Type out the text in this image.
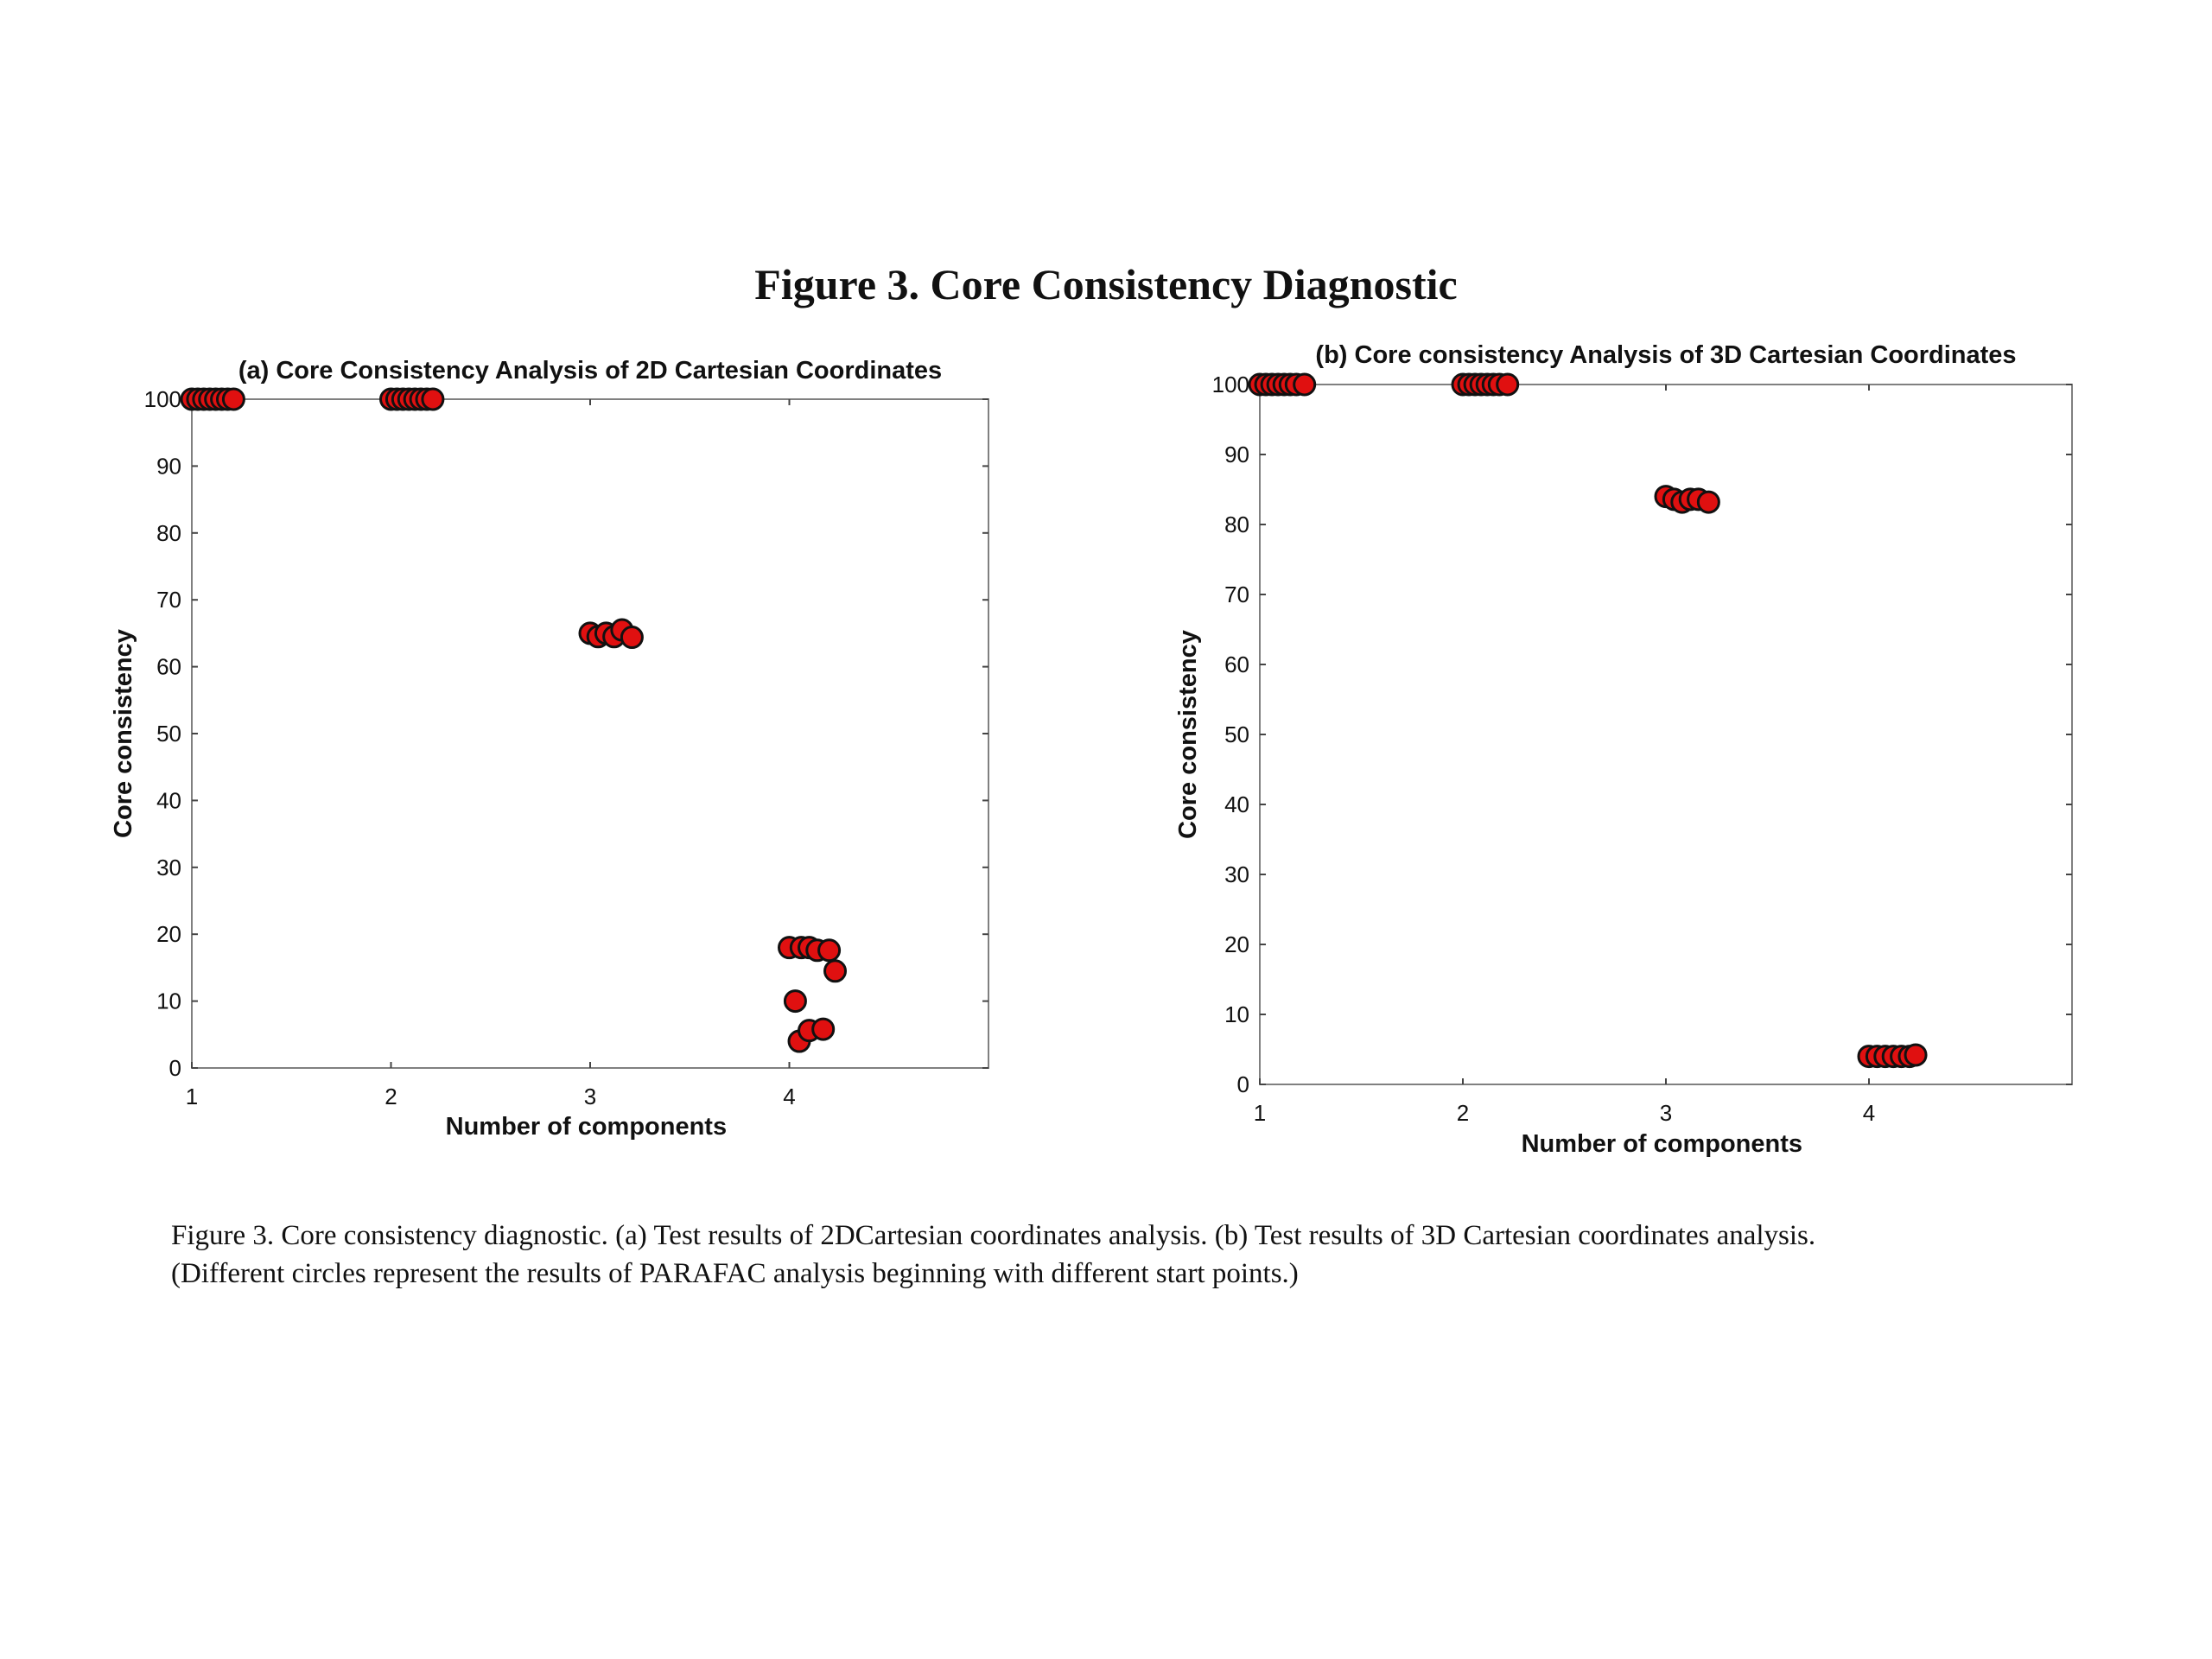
Figure 3. Core Consistency Diagnostic
(a) Core Consistency Analysis of 2D Cartesian Coordinates
Number of components
Core consistency
0
10
20
30
40
50
60
70
80
90
100
1	2	3	4
(b) Core consistency Analysis of 3D Cartesian Coordinates
Number of components
Core consistency
0
10
20
30
40
50
60
70
80
90
100
1	2	3	4
Figure 3. Core consistency diagnostic. (a) Test results of 2DCartesian coordinates analysis. (b) Test results of 3D Cartesian coordinates analysis.
(Different circles represent the results of PARAFAC analysis beginning with different start points.)
